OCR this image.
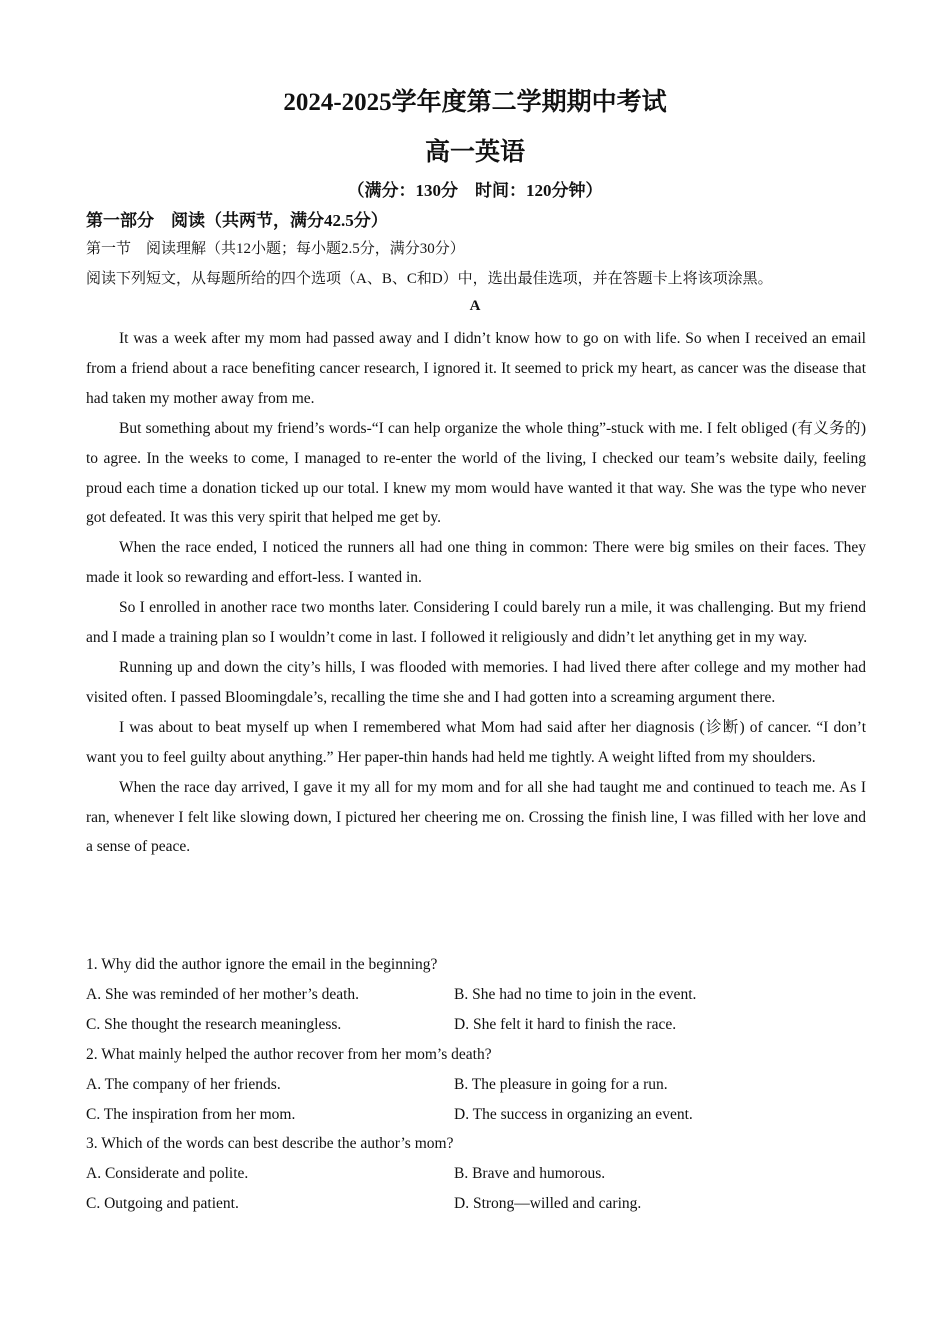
2024-2025学年度第二学期期中考试
高一英语
（满分：130分　时间：120分钟）
第一部分　阅读（共两节，满分42.5分）
第一节　阅读理解（共12小题；每小题2.5分，满分30分）
阅读下列短文，从每题所给的四个选项（A、B、C和D）中，选出最佳选项，并在答题卡上将该项涂黑。
A

It was a week after my mom had passed away and I didn’t know how to go on with life. So when I received an email from a friend about a race benefiting cancer research, I ignored it. It seemed to prick my heart, as cancer was the disease that had taken my mother away from me.

But something about my friend’s words-“I can help organize the whole thing”-stuck with me. I felt obliged (有义务的) to agree. In the weeks to come, I managed to re-enter the world of the living, I checked our team’s website daily, feeling proud each time a donation ticked up our total. I knew my mom would have wanted it that way. She was the type who never got defeated. It was this very spirit that helped me get by.

When the race ended, I noticed the runners all had one thing in common: There were big smiles on their faces. They made it look so rewarding and effort-less. I wanted in.

So I enrolled in another race two months later. Considering I could barely run a mile, it was challenging. But my friend and I made a training plan so I wouldn’t come in last. I followed it religiously and didn’t let anything get in my way.

Running up and down the city’s hills, I was flooded with memories. I had lived there after college and my mother had visited often. I passed Bloomingdale’s, recalling the time she and I had gotten into a screaming argument there.

I was about to beat myself up when I remembered what Mom had said after her diagnosis (诊断) of cancer. “I don’t want you to feel guilty about anything.” Her paper-thin hands had held me tightly. A weight lifted from my shoulders.

When the race day arrived, I gave it my all for my mom and for all she had taught me and continued to teach me. As I ran, whenever I felt like slowing down, I pictured her cheering me on. Crossing the finish line, I was filled with her love and a sense of peace.

1. Why did the author ignore the email in the beginning?

A. She was reminded of her mother’s death.	B. She had no time to join in the event.
C. She thought the research meaningless.	D. She felt it hard to finish the race.

2. What mainly helped the author recover from her mom’s death?

A. The company of her friends.	B. The pleasure in going for a run.
C. The inspiration from her mom.	D. The success in organizing an event.

3. Which of the words can best describe the author’s mom?

A. Considerate and polite.	B. Brave and humorous.
C. Outgoing and patient.	D. Strong—willed and caring.
